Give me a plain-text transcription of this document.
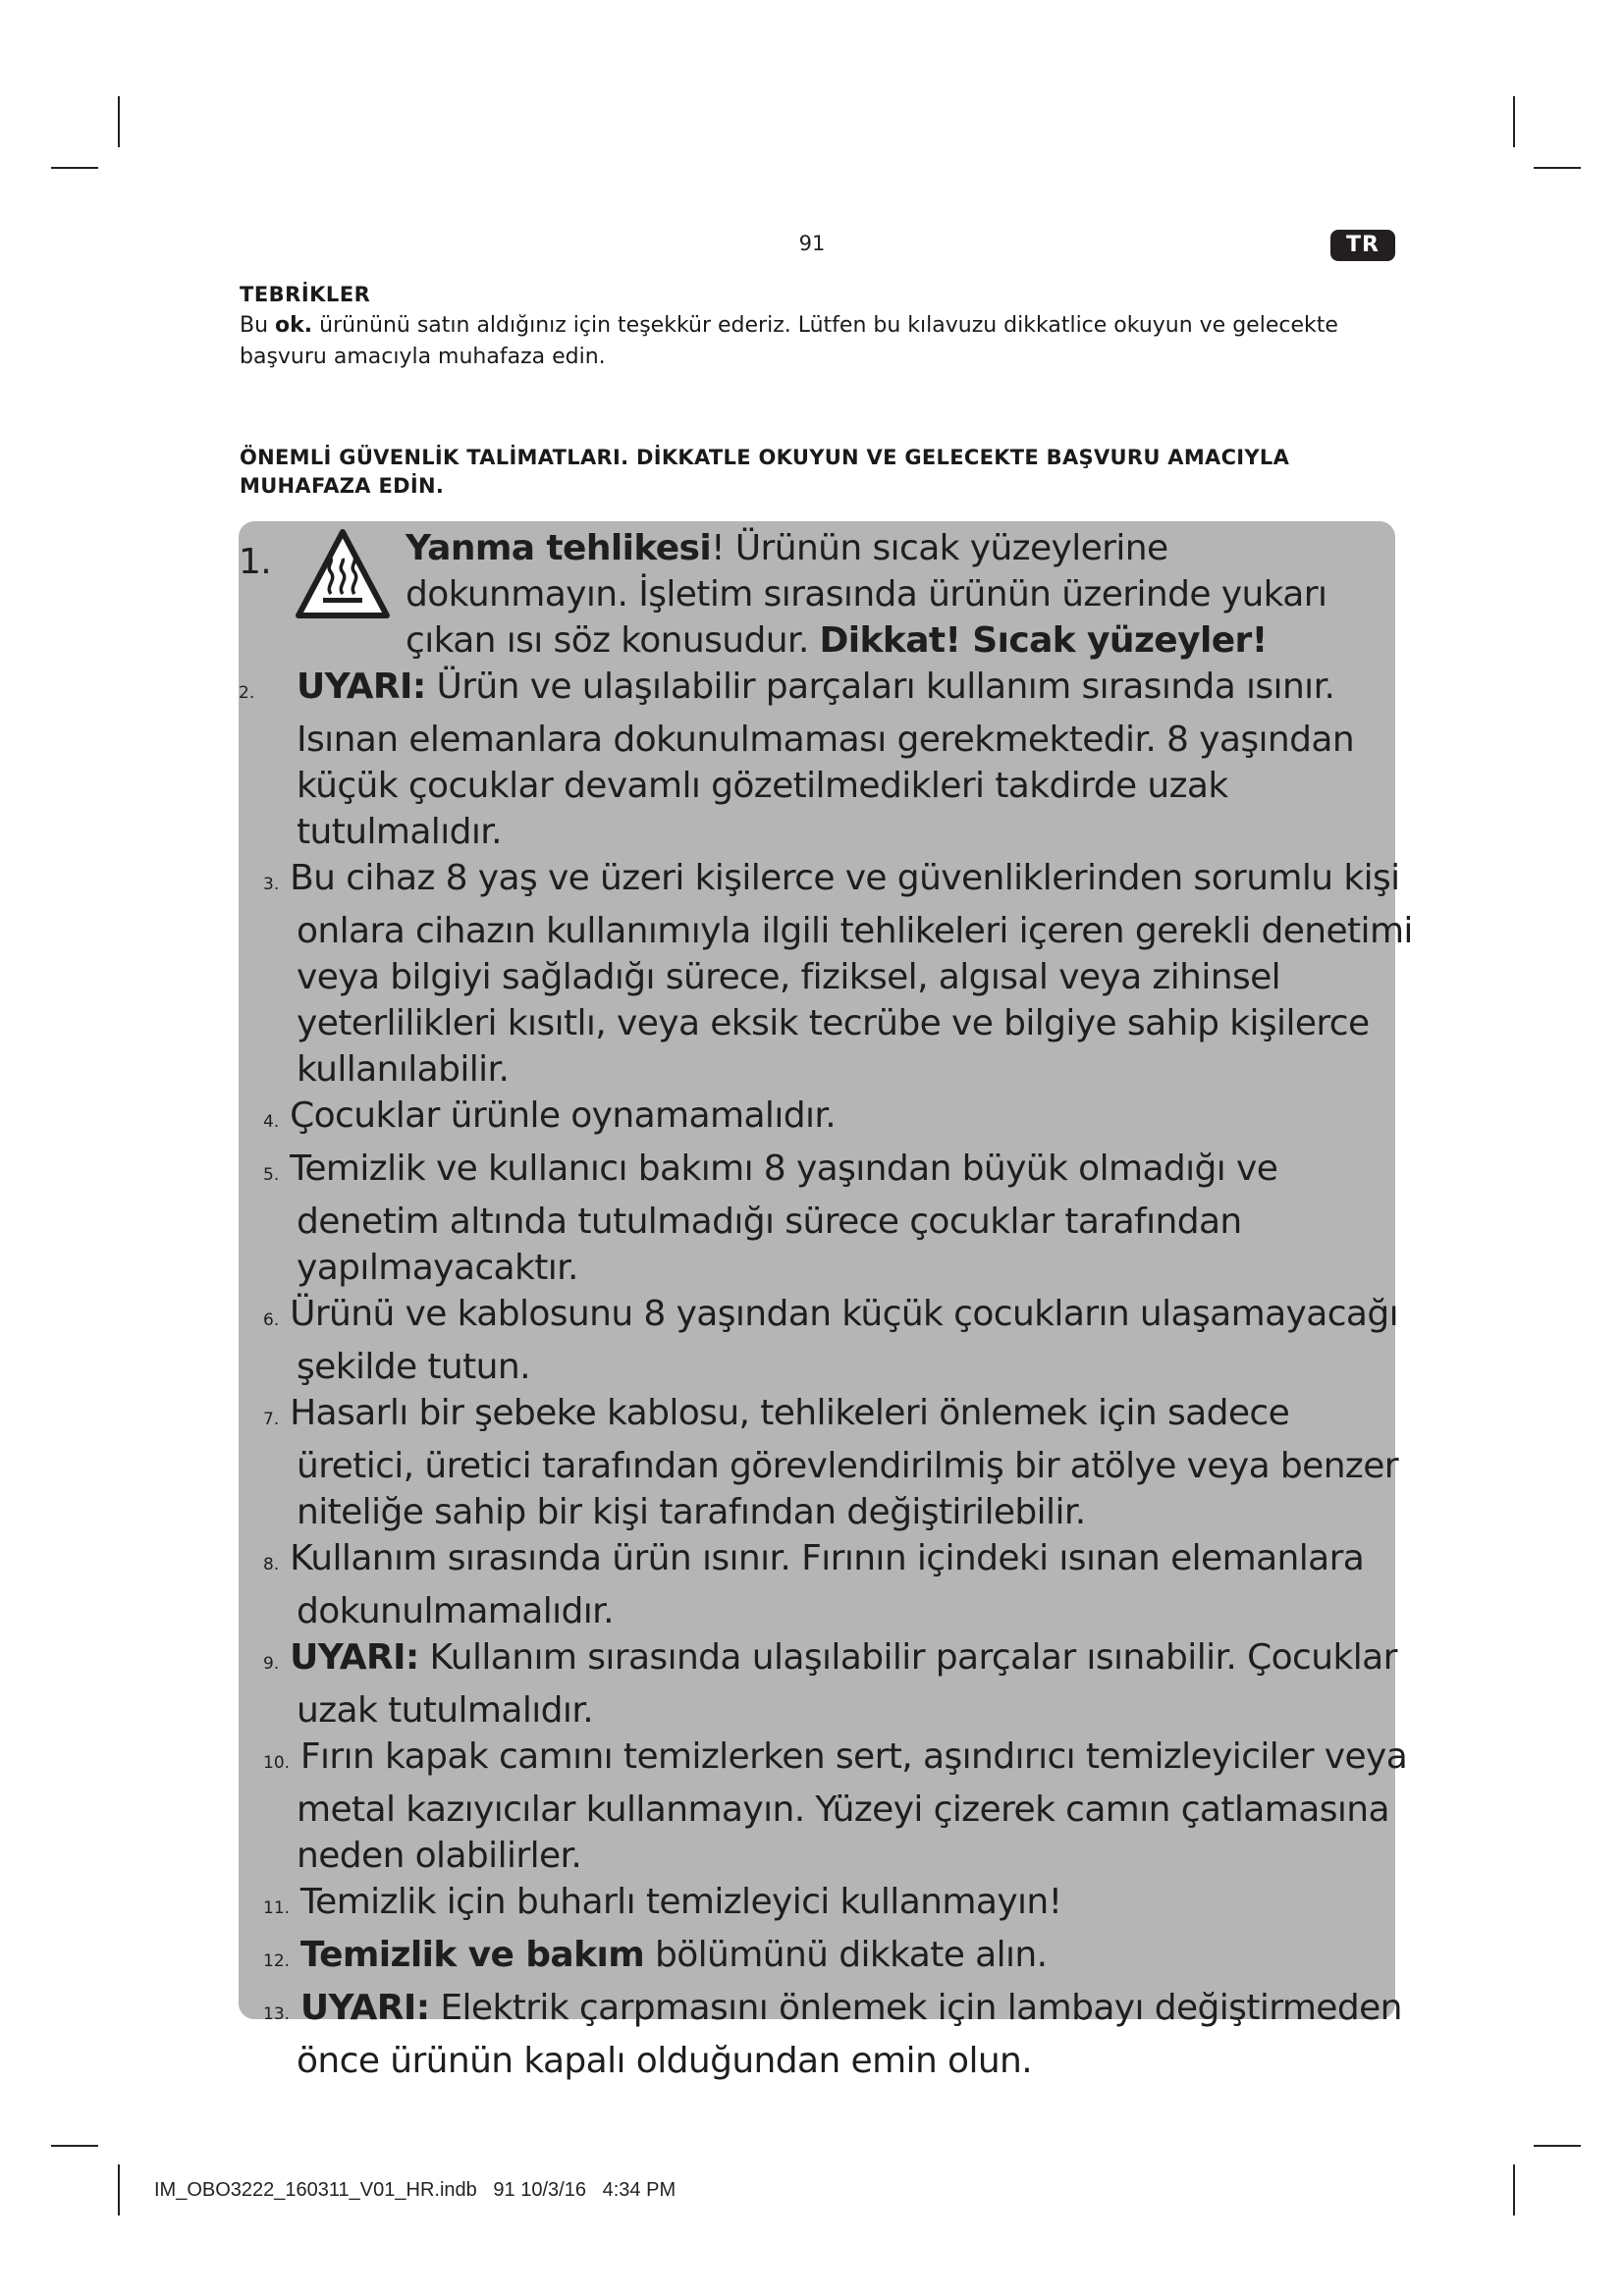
91	TR
TEBRİKLER
Bu ok. ürününü satın aldığınız için teşekkür ederiz. Lütfen bu kılavuzu dikkatlice okuyun ve gelecekte başvuru amacıyla muhafaza edin.
ÖNEMLİ GÜVENLİK TALİMATLARI. DİKKATLE OKUYUN VE GELECEKTE BAŞVURU AMACIYLA MUHAFAZA EDİN.
1.	Yanma tehlikesi! Ürünün sıcak yüzeylerine dokunmayın. İşletim sırasında ürünün üzerinde yukarı çıkan ısı söz konusudur. Dikkat! Sıcak yüzeyler!
2. UYARI: Ürün ve ulaşılabilir parçaları kullanım sırasında ısınır. Isınan elemanlara dokunulmaması gerekmektedir. 8 yaşından küçük çocuklar devamlı gözetilmedikleri takdirde uzak tutulmalıdır.
3. Bu cihaz 8 yaş ve üzeri kişilerce ve güvenliklerinden sorumlu kişi onlara cihazın kullanımıyla ilgili tehlikeleri içeren gerekli denetimi veya bilgiyi sağladığı sürece, fiziksel, algısal veya zihinsel yeterlilikleri kısıtlı, veya eksik tecrübe ve bilgiye sahip kişilerce kullanılabilir.
4. Çocuklar ürünle oynamamalıdır.
5. Temizlik ve kullanıcı bakımı 8 yaşından büyük olmadığı ve denetim altında tutulmadığı sürece çocuklar tarafından yapılmayacaktır.
6. Ürünü ve kablosunu 8 yaşından küçük çocukların ulaşamayacağı şekilde tutun.
7. Hasarlı bir şebeke kablosu, tehlikeleri önlemek için sadece üretici, üretici tarafından görevlendirilmiş bir atölye veya benzer niteliğe sahip bir kişi tarafından değiştirilebilir.
8. Kullanım sırasında ürün ısınır. Fırının içindeki ısınan elemanlara dokunulmamalıdır.
9. UYARI: Kullanım sırasında ulaşılabilir parçalar ısınabilir. Çocuklar uzak tutulmalıdır.
10. Fırın kapak camını temizlerken sert, aşındırıcı temizleyiciler veya metal kazıyıcılar kullanmayın. Yüzeyi çizerek camın çatlamasına neden olabilirler.
11. Temizlik için buharlı temizleyici kullanmayın!
12. Temizlik ve bakım bölümünü dikkate alın.
13. UYARI: Elektrik çarpmasını önlemek için lambayı değiştirmeden önce ürünün kapalı olduğundan emin olun.
IM_OBO3222_160311_V01_HR.indb   91 10/3/16   4:34 PM
